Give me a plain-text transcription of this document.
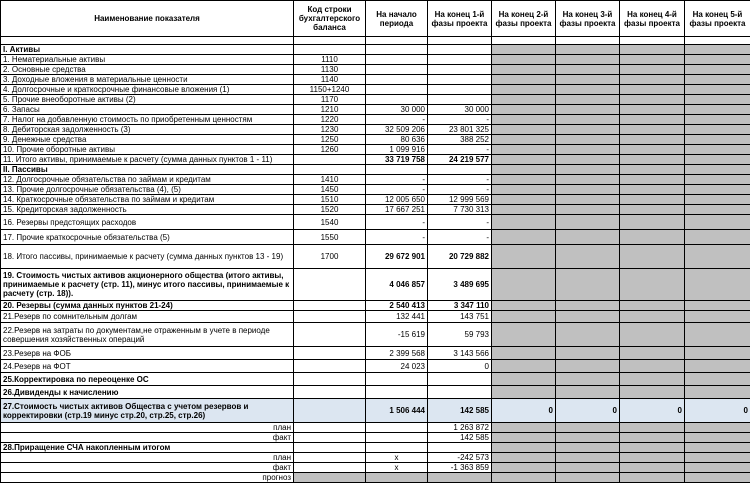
Наименование показателя	Код строки бухгалтерского баланса	На начало периода	На конец 1-й фазы проекта	На конец 2-й фазы проекта	На конец 3-й фазы проекта	На конец 4-й фазы проекта	На конец 5-й фазы проекта

I. Активы							
1. Нематериальные активы	1110						
2. Основные средства	1130						
3. Доходные вложения в материальные ценности	1140						
4. Долгосрочные и краткосрочные финансовые вложения (1)	1150+1240						
5. Прочие внеоборотные активы (2)	1170						
6. Запасы	1210	30 000	30 000				
7. Налог на добавленную стоимость по приобретенным ценностям	1220	-	-				
8. Дебиторская задолженность (3)	1230	32 509 206	23 801 325				
9. Денежные средства	1250	80 636	388 252				
10. Прочие оборотные активы	1260	1 099 916	-				
11. Итого активы, принимаемые к расчету (сумма данных пунктов 1 - 11)		33 719 758	24 219 577				
II. Пассивы							
12. Долгосрочные обязательства по займам и кредитам	1410	-	-				
13. Прочие долгосрочные обязательства (4), (5)	1450	-	-				
14. Краткосрочные обязательства по займам и кредитам	1510	12 005 650	12 999 569				
15. Кредиторская задолженность	1520	17 667 251	7 730 313				
16. Резервы предстоящих расходов	1540	-	-				
17. Прочие краткосрочные обязательства (5)	1550	-	-				
18. Итого пассивы, принимаемые к расчету (сумма данных пунктов 13 - 19)	1700	29 672 901	20 729 882				
19. Стоимость чистых активов акционерного общества (итого активы, принимаемые к расчету (стр. 11), минус итого пассивы, принимаемые к расчету (стр. 18)).		4 046 857	3 489 695				
20. Резервы (сумма данных пунктов 21-24)		2 540 413	3 347 110				
21.Резерв по сомнительным долгам		132 441	143 751				
22.Резерв на затраты по документам,не отраженным в учете в периоде совершения хозяйственных операций		-15 619	59 793				
23.Резерв на ФОБ		2 399 568	3 143 566				
24.Резерв на ФОТ		24 023	0				
25.Корректировка по переоценке ОС							
26.Дивиденды к начислению							
27.Стоимость чистых активов Общества с учетом резервов и корректировки (стр.19 минус стр.20, стр.25, стр.26)		1 506 444	142 585	0	0	0	0
план			1 263 872				
факт			142 585				
28.Приращение СЧА накопленным итогом							
план		х	-242 573				
факт		х	-1 363 859				
прогноз							
